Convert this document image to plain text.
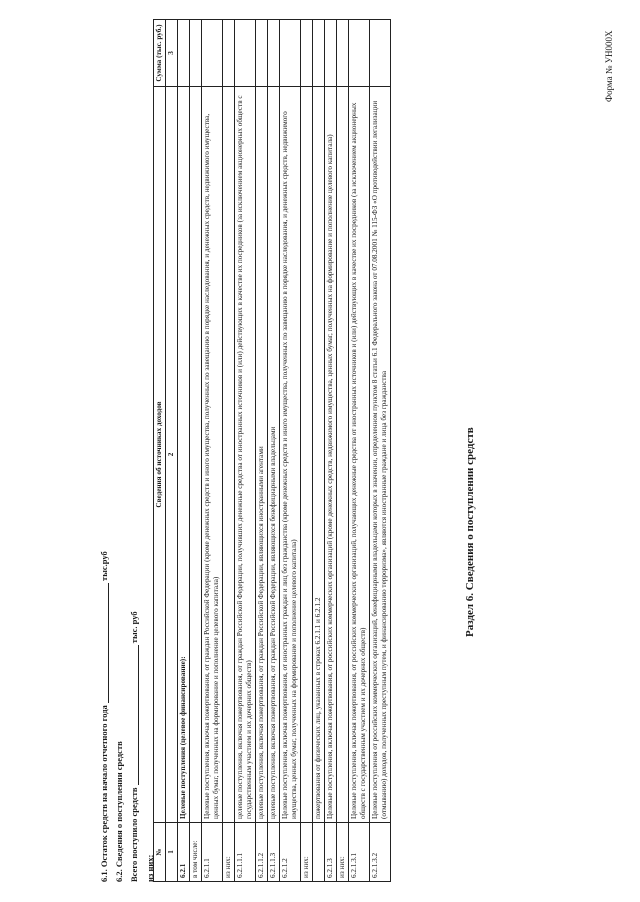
Форма № УН000Х
Раздел 6. Сведения о поступлении средств
6.1. Остаток средств на начало отчетного года  тыс.руб
6.2. Сведения о поступлении средств Всего поступило средств  тыс. руб
из них:
№	Сведения об источниках доходов	Сумма (тыс. руб.)
1	2	3
6.2.1	Целевые поступления (целевое финансирование):	
в том числе:		
6.2.1.1	Целевые поступления, включая пожертвования, от граждан Российской Федерации (кроме денежных средств и иного имущества, полученных по завещанию в порядке наследования, и денежных средств, недвижимого имущества, ценных бумаг, полученных на формирование и пополнение целевого капитала)	
из них:		
6.2.1.1.1	целевые поступления, включая пожертвования, от граждан Российской Федерации, получивших денежные средства от иностранных источников и (или) действующих в качестве их посредников (за исключением акционерных обществ с государственным участием и их дочерних обществ)	
6.2.1.1.2	целевые поступления, включая пожертвования, от граждан Российской Федерации, являющихся иностранными агентами	
6.2.1.1.3	целевые поступления, включая пожертвования, от граждан Российской Федерации, являющихся бенефициарными владельцами	
6.2.1.2	Целевые поступления, включая пожертвования, от иностранных граждан и лиц без гражданства (кроме денежных средств и иного имущества, полученных по завещанию в порядке наследования, и денежных средств, недвижимого имущества, ценных бумаг, полученных на формирование и пополнение целевого капитала)	
из них:		
	пожертвования от физических лиц, указанных в строках 6.2.1.1 и 6.2.1.2	
6.2.1.3	Целевые поступления, включая пожертвования, от российских коммерческих организаций (кроме денежных средств, недвижимого имущества, ценных бумаг, полученных на формирование и пополнение целевого капитала)	
из них:		
6.2.1.3.1	Целевые поступления, включая пожертвования, от российских коммерческих организаций, получающих денежные средства от иностранных источников и (или) действующих в качестве их посредников (за исключением акционерных обществ с государственным участием и их дочерних обществ)	
6.2.1.3.2	Целевые поступления от российских коммерческих организаций, бенефициарными владельцами которых в значении, определенном пунктом 8 статьи 6.1 Федерального закона от 07.08.2001 № 115-ФЗ «О противодействии легализации (отмыванию) доходов, полученных преступным путем, и финансированию терроризма», являются иностранные граждане и лица без гражданства	
